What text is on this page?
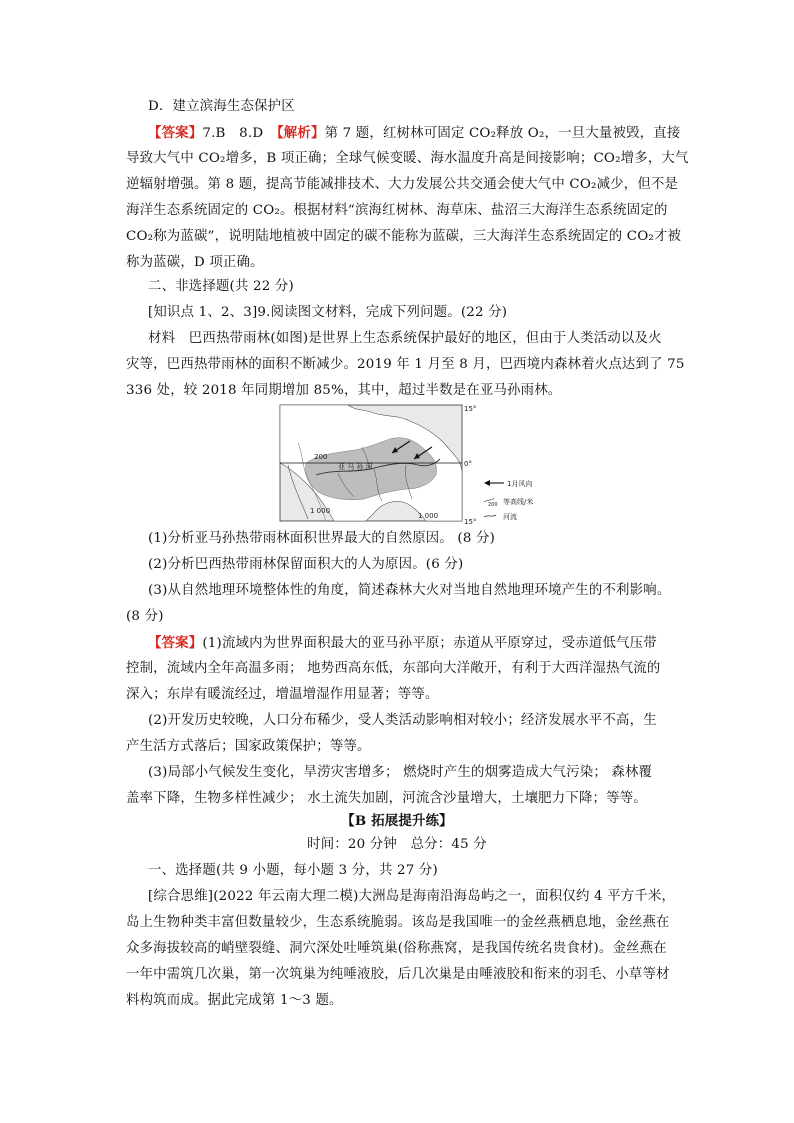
D．建立滨海生态保护区
【答案】7.B　8.D　【解析】第 7 题，红树林可固定 CO₂释放 O₂，一旦大量被毁，直接
导致大气中 CO₂增多，B 项正确；全球气候变暖、海水温度升高是间接影响；CO₂增多，大气
逆辐射增强。第 8 题，提高节能减排技术、大力发展公共交通会使大气中 CO₂减少，但不是
海洋生态系统固定的 CO₂。根据材料“滨海红树林、海草床、盐沼三大海洋生态系统固定的
CO₂称为蓝碳”，说明陆地植被中固定的碳不能称为蓝碳，三大海洋生态系统固定的 CO₂才被
称为蓝碳，D 项正确。
二、非选择题(共 22 分)
[知识点 1、2、3]9.阅读图文材料，完成下列问题。(22 分)
材料　巴西热带雨林(如图)是世界上生态系统保护最好的地区，但由于人类活动以及火
灾等，巴西热带雨林的面积不断减少。2019 年 1 月至 8 月，巴西境内森林着火点达到了 75
336 处，较 2018 年同期增加 85%，其中，超过半数是在亚马孙雨林。
15°
0°
15°
亚 马 孙 河
200
1 000
1 000
1月风向
200 等高线/米
河流
(1)分析亚马孙热带雨林面积世界最大的自然原因。 (8 分)
(2)分析巴西热带雨林保留面积大的人为原因。(6 分)
(3)从自然地理环境整体性的角度，简述森林大火对当地自然地理环境产生的不利影响。
(8 分)
【答案】(1)流域内为世界面积最大的亚马孙平原；赤道从平原穿过，受赤道低气压带
控制，流域内全年高温多雨； 地势西高东低，东部向大洋敞开，有利于大西洋湿热气流的
深入；东岸有暖流经过，增温增湿作用显著；等等。
(2)开发历史较晚，人口分布稀少，受人类活动影响相对较小；经济发展水平不高，生
产生活方式落后；国家政策保护；等等。
(3)局部小气候发生变化，旱涝灾害增多； 燃烧时产生的烟雾造成大气污染； 森林覆
盖率下降，生物多样性减少； 水土流失加剧，河流含沙量增大，土壤肥力下降；等等。
【B 拓展提升练】
时间：20 分钟　总分：45 分
一、选择题(共 9 小题，每小题 3 分，共 27 分)
[综合思维](2022 年云南大理二模)大洲岛是海南沿海岛屿之一，面积仅约 4 平方千米，
岛上生物种类丰富但数量较少，生态系统脆弱。该岛是我国唯一的金丝燕栖息地，金丝燕在
众多海拔较高的峭壁裂缝、洞穴深处吐唾筑巢(俗称燕窝，是我国传统名贵食材)。金丝燕在
一年中需筑几次巢，第一次筑巢为纯唾液胶，后几次巢是由唾液胶和衔来的羽毛、小草等材
料构筑而成。据此完成第 1～3 题。
